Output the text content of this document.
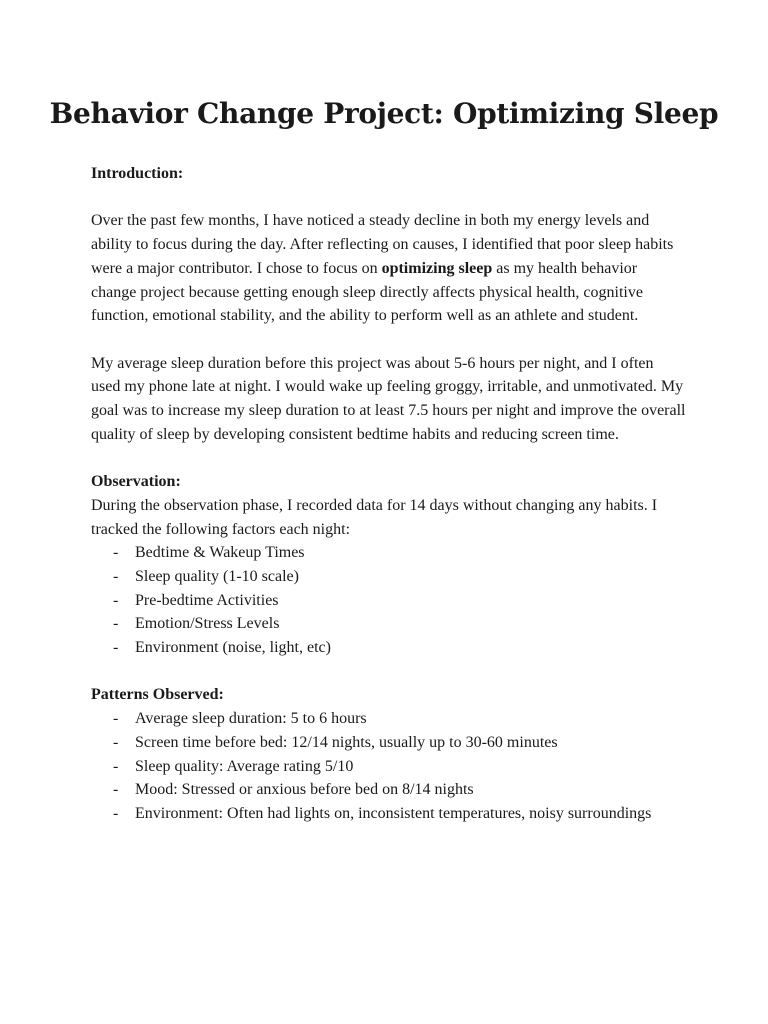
Behavior Change Project: Optimizing Sleep

Introduction:

Over the past few months, I have noticed a steady decline in both my energy levels and ability to focus during the day. After reflecting on causes, I identified that poor sleep habits were a major contributor. I chose to focus on optimizing sleep as my health behavior change project because getting enough sleep directly affects physical health, cognitive function, emotional stability, and the ability to perform well as an athlete and student.

My average sleep duration before this project was about 5-6 hours per night, and I often used my phone late at night. I would wake up feeling groggy, irritable, and unmotivated. My goal was to increase my sleep duration to at least 7.5 hours per night and improve the overall quality of sleep by developing consistent bedtime habits and reducing screen time.

Observation:

During the observation phase, I recorded data for 14 days without changing any habits. I tracked the following factors each night:

- Bedtime & Wakeup Times
- Sleep quality (1-10 scale)
- Pre-bedtime Activities
- Emotion/Stress Levels
- Environment (noise, light, etc)

Patterns Observed:

- Average sleep duration: 5 to 6 hours
- Screen time before bed: 12/14 nights, usually up to 30-60 minutes
- Sleep quality: Average rating 5/10
- Mood: Stressed or anxious before bed on 8/14 nights
- Environment: Often had lights on, inconsistent temperatures, noisy surroundings
